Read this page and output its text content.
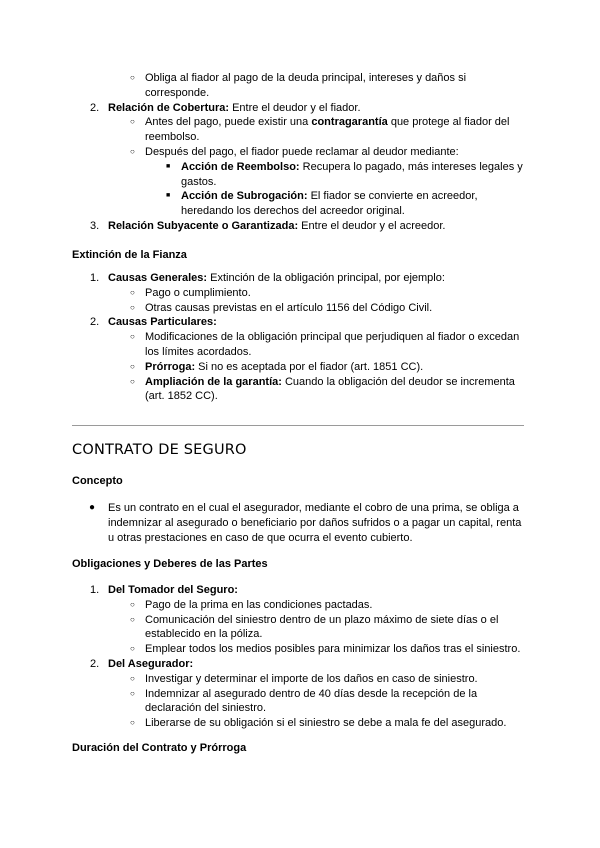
○ Obliga al fiador al pago de la deuda principal, intereses y daños si corresponde.
2. Relación de Cobertura: Entre el deudor y el fiador.
○ Antes del pago, puede existir una contragarantía que protege al fiador del reembolso.
○ Después del pago, el fiador puede reclamar al deudor mediante:
■ Acción de Reembolso: Recupera lo pagado, más intereses legales y gastos.
■ Acción de Subrogación: El fiador se convierte en acreedor, heredando los derechos del acreedor original.
3. Relación Subyacente o Garantizada: Entre el deudor y el acreedor.
Extinción de la Fianza
1. Causas Generales: Extinción de la obligación principal, por ejemplo:
○ Pago o cumplimiento.
○ Otras causas previstas en el artículo 1156 del Código Civil.
2. Causas Particulares:
○ Modificaciones de la obligación principal que perjudiquen al fiador o excedan los límites acordados.
○ Prórroga: Si no es aceptada por el fiador (art. 1851 CC).
○ Ampliación de la garantía: Cuando la obligación del deudor se incrementa (art. 1852 CC).
CONTRATO DE SEGURO
Concepto
● Es un contrato en el cual el asegurador, mediante el cobro de una prima, se obliga a indemnizar al asegurado o beneficiario por daños sufridos o a pagar un capital, renta u otras prestaciones en caso de que ocurra el evento cubierto.
Obligaciones y Deberes de las Partes
1. Del Tomador del Seguro:
○ Pago de la prima en las condiciones pactadas.
○ Comunicación del siniestro dentro de un plazo máximo de siete días o el establecido en la póliza.
○ Emplear todos los medios posibles para minimizar los daños tras el siniestro.
2. Del Asegurador:
○ Investigar y determinar el importe de los daños en caso de siniestro.
○ Indemnizar al asegurado dentro de 40 días desde la recepción de la declaración del siniestro.
○ Liberarse de su obligación si el siniestro se debe a mala fe del asegurado.
Duración del Contrato y Prórroga
